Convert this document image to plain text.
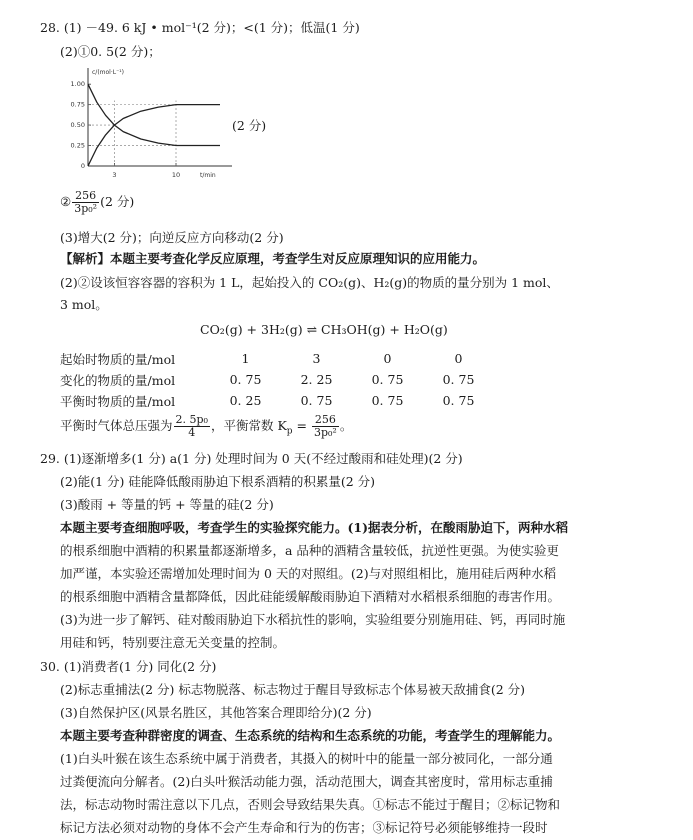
28. (1) －49. 6 kJ • mol⁻¹(2 分)；<(1 分)；低温(1 分)
(2)①0. 5(2 分)；
c/(mol·L⁻¹)
t/min
0
0.25
0.50
0.75
1.00
3	10
(2 分)
② $\frac{256}{\text{3p₀²}} (2$ 分)
(3)增大(2 分)；向逆反应方向移动(2 分)
【解析】本题主要考查化学反应原理，考查学生对反应原理知识的应用能力。
(2)②设该恒容容器的容积为 1 L，起始投入的 CO₂(g)、H₂(g)的物质的量分别为 1 mol、
3 mol。
CO₂(g) + 3H₂(g) ⇌ CH₃OH(g) + H₂O(g)
起始时物质的量/mol	1	3	0	0
变化的物质的量/mol	0. 75	2. 25	0. 75	0. 75
平衡时物质的量/mol	0. 25	0. 75	0. 75	0. 75
平衡时气体总压强为 $\frac{\text{2. 5p₀}}{4}$ ，平衡常数 $K_p = \frac{256}{\text{3p₀²}}$ 。
29. (1)逐渐增多(1 分) a(1 分) 处理时间为 0 天(不经过酸雨和硅处理)(2 分)
(2)能(1 分) 硅能降低酸雨胁迫下根系酒精的积累量(2 分)
(3)酸雨 + 等量的钙 + 等量的硅(2 分)
本题主要考查细胞呼吸，考查学生的实验探究能力。(1)据表分析，在酸雨胁迫下，两种水稻
的根系细胞中酒精的积累量都逐渐增多，a 品种的酒精含量较低，抗逆性更强。为使实验更
加严谨，本实验还需增加处理时间为 0 天的对照组。(2)与对照组相比，施用硅后两种水稻
的根系细胞中酒精含量都降低，因此硅能缓解酸雨胁迫下酒精对水稻根系细胞的毒害作用。
(3)为进一步了解钙、硅对酸雨胁迫下水稻抗性的影响，实验组要分别施用硅、钙，再同时施
用硅和钙，特别要注意无关变量的控制。
30. (1)消费者(1 分) 同化(2 分)
(2)标志重捕法(2 分) 标志物脱落、标志物过于醒目导致标志个体易被天敌捕食(2 分)
(3)自然保护区(风景名胜区，其他答案合理即给分)(2 分)
本题主要考查种群密度的调查、生态系统的结构和生态系统的功能，考查学生的理解能力。
(1)白头叶猴在该生态系统中属于消费者，其摄入的树叶中的能量一部分被同化，一部分通
过粪便流向分解者。(2)白头叶猴活动能力强，活动范围大，调查其密度时，常用标志重捕
法，标志动物时需注意以下几点，否则会导致结果失真。①标志不能过于醒目；②标记物和
标记方法必须对动物的身体不会产生寿命和行为的伤害；③标记符号必须能够维持一段时
